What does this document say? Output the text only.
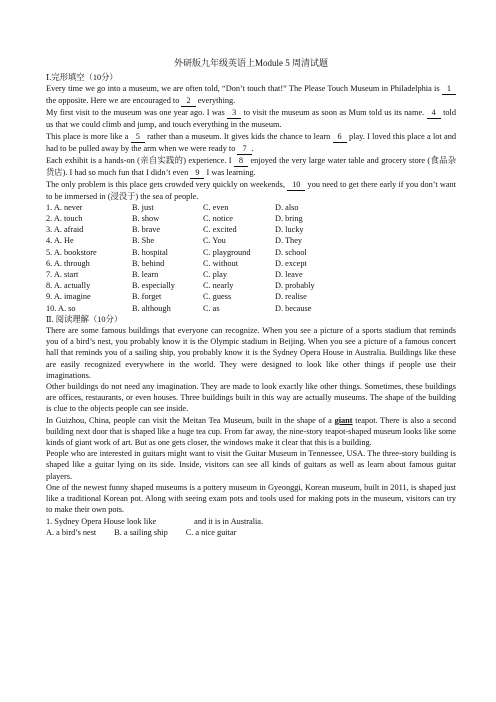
外研版九年级英语上Module 5 周清试题
Ⅰ.完形填空（10分）

Every time we go into a museum, we are often told, “Don’t touch that!” The Please Touch Museum in Philadelphia is 1 the opposite. Here we are encouraged to 2 everything.

My first visit to the museum was one year ago. I was 3 to visit the museum as soon as Mum told us its name. 4 told us that we could climb and jump, and touch everything in the museum.

This place is more like a 5 rather than a museum. It gives kids the chance to learn 6 play. I loved this place a lot and had to be pulled away by the arm when we were ready to 7 .

Each exhibit is a hands-on (亲自实践的) experience. I 8 enjoyed the very large water table and grocery store (食品杂货店). I had so much fun that I didn’t even 9 I was learning.

The only problem is this place gets crowded very quickly on weekends, 10 you need to get there early if you don’t want to be immersed in (浸没于) the sea of people.

1. A. never	B. just	C. even	D. also
2. A. touch	B. show	C. notice	D. bring
3. A. afraid	B. brave	C. excited	D. lucky
4. A. He	B. She	C. You	D. They
5. A. bookstore	B. hospital	C. playground	D. school
6. A. through	B. behind	C. without	D. except
7. A. start	B. learn	C. play	D. leave
8. A. actually	B. especially	C. nearly	D. probably
9. A. imagine	B. forget	C. guess	D. realise
10. A. so	B. although	C. as	D. because
Ⅱ. 阅读理解（10分）

There are some famous buildings that everyone can recognize. When you see a picture of a sports stadium that reminds you of a bird’s nest, you probably know it is the Olympic stadium in Beijing. When you see a picture of a famous concert hall that reminds you of a sailing ship, you probably know it is the Sydney Opera House in Australia. Buildings like these are easily recognized everywhere in the world. They were designed to look like other things if people use their imaginations.

Other buildings do not need any imagination. They are made to look exactly like other things. Sometimes, these buildings are offices, restaurants, or even houses. Three buildings built in this way are actually museums. The shape of the building is clue to the objects people can see inside.

In Guizhou, China, people can visit the Meitan Tea Museum, built in the shape of a giant teapot. There is also a second building next door that is shaped like a huge tea cup. From far away, the nine-story teapot-shaped museum looks like some kinds of giant work of art. But as one gets closer, the windows make it clear that this is a building.

People who are interested in guitars might want to visit the Guitar Museum in Tennessee, USA. The three-story building is shaped like a guitar lying on its side. Inside, visitors can see all kinds of guitars as well as learn about famous guitar players.

One of the newest funny shaped museums is a pottery museum in Gyeonggi, Korean museum, built in 2011, is shaped just like a traditional Korean pot. Along with seeing exam pots and tools used for making pots in the museum, visitors can try to make their own pots.

1. Sydney Opera House look like	and it is in Australia.
A. a bird’s nest B. a sailing ship C. a nice guitar
